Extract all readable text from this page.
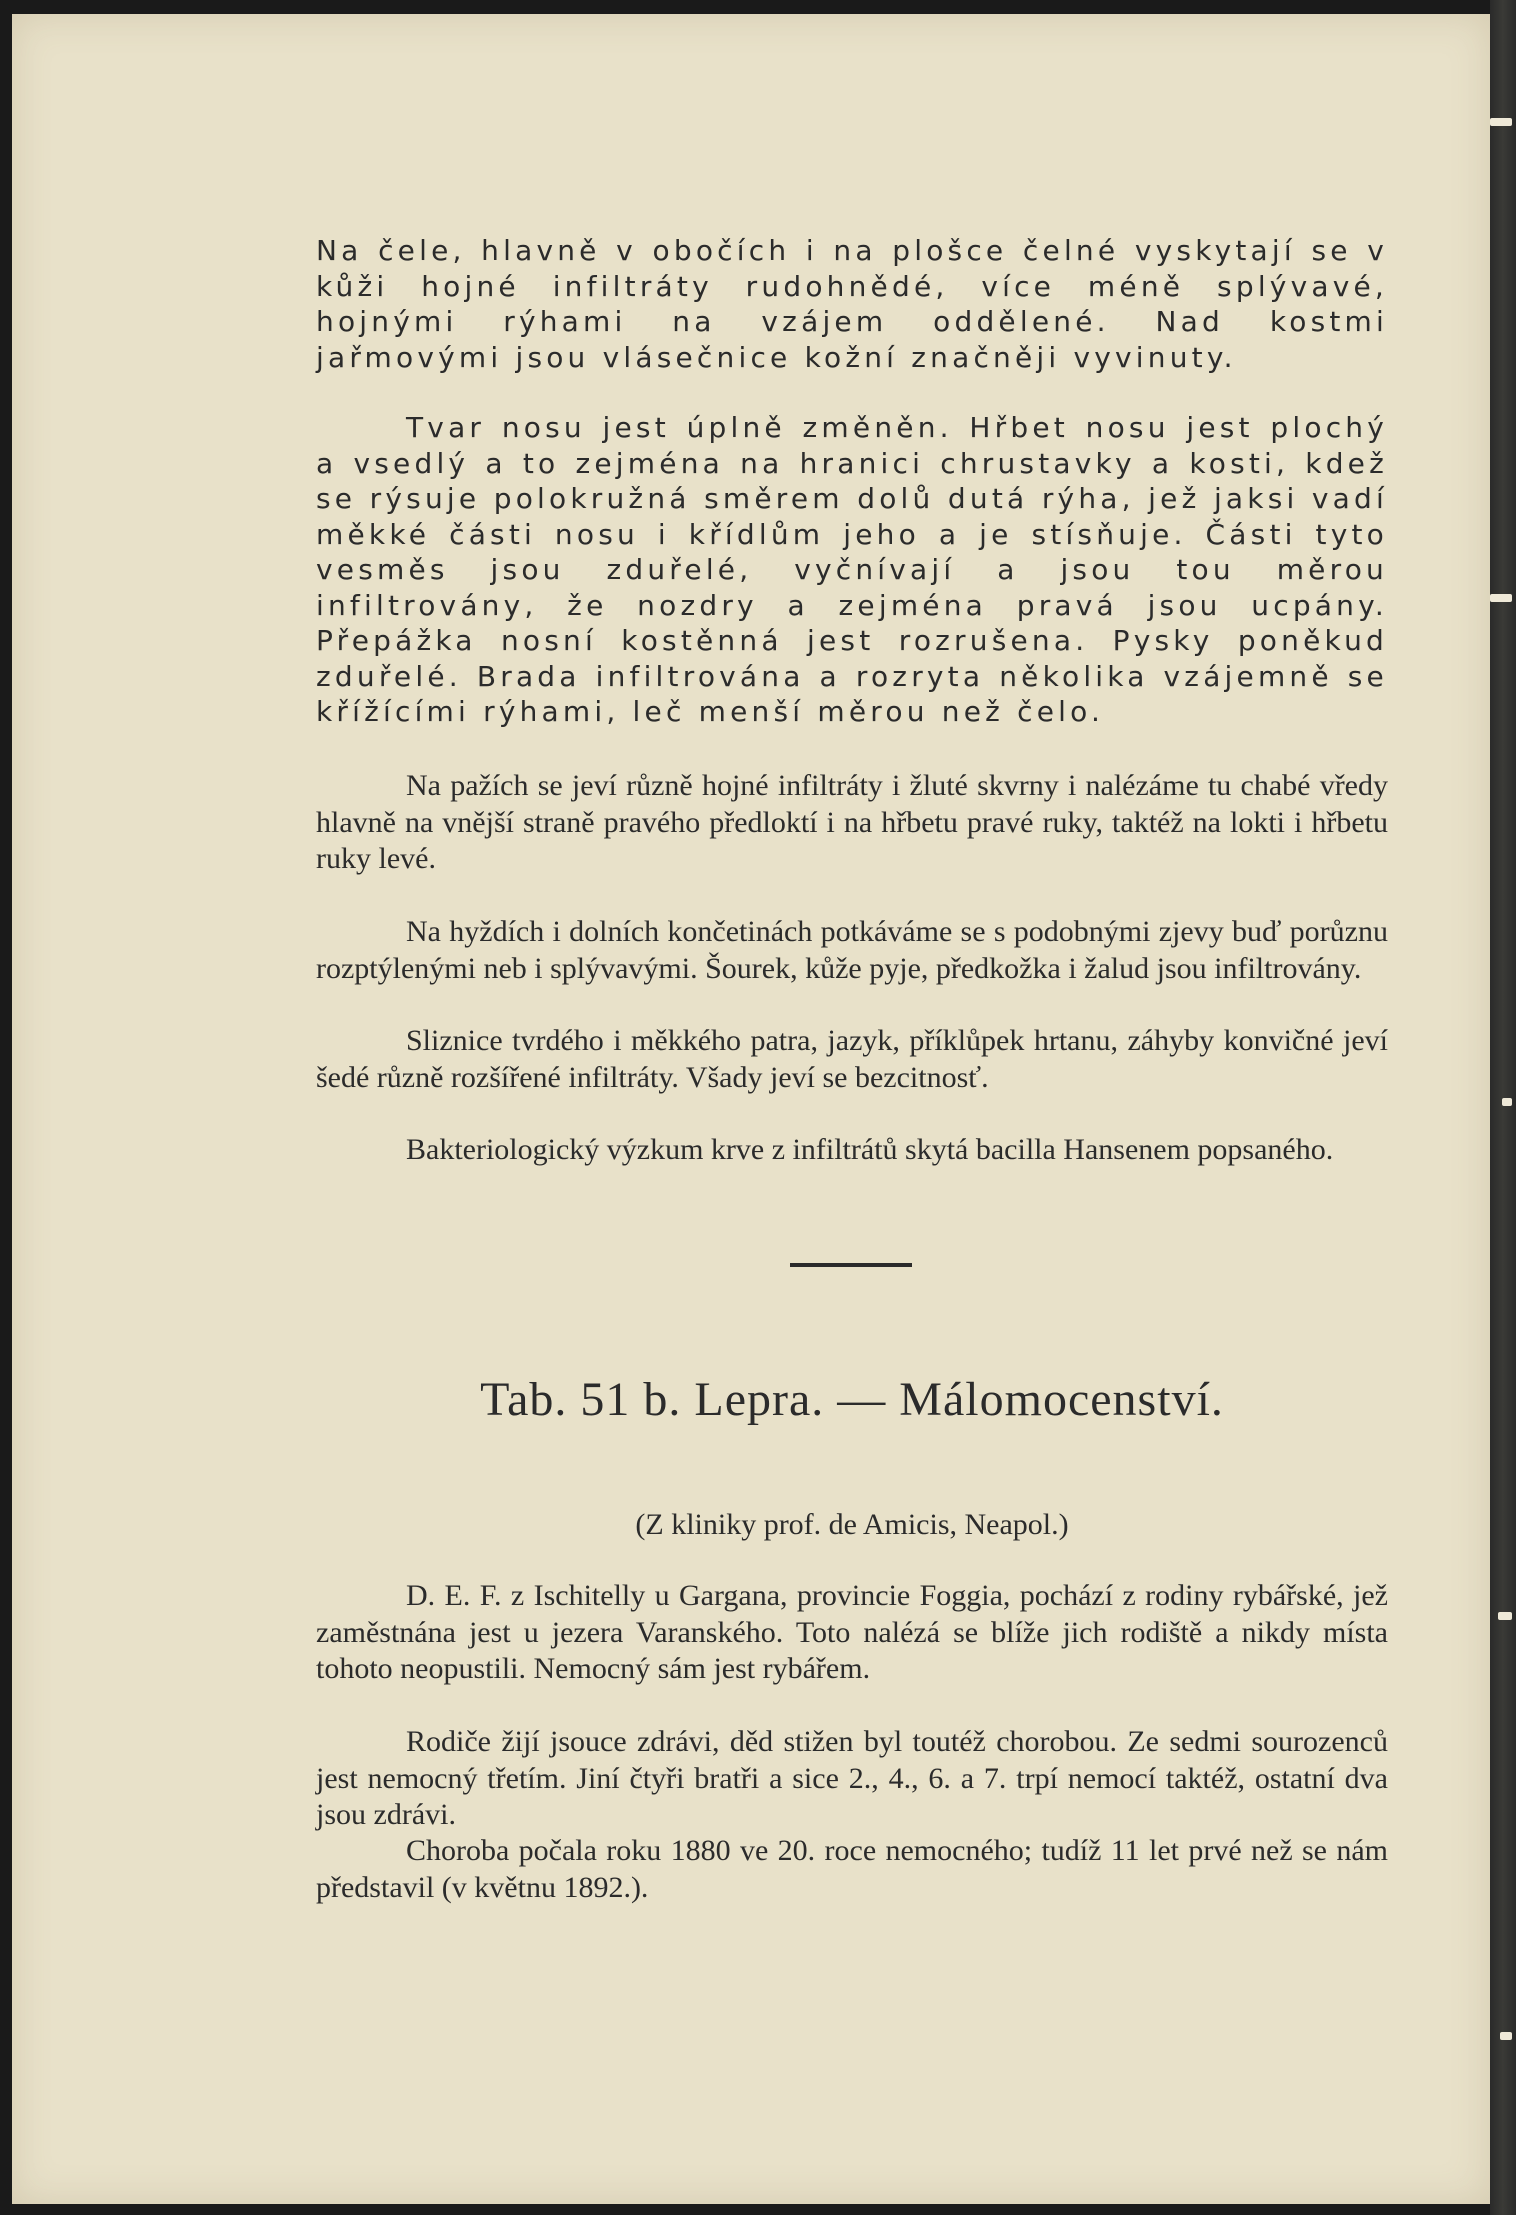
Na čele, hlavně v obočích i na plošce čelné vyskytají se v kůži hojné infiltráty rudohnědé, více méně splývavé, hojnými rýhami na vzájem oddělené. Nad kostmi jařmovými jsou vlásečnice kožní značněji vyvinuty.

Tvar nosu jest úplně změněn. Hřbet nosu jest plochý a vsedlý a to zejména na hranici chrustavky a kosti, kdež se rýsuje polokružná směrem dolů dutá rýha, jež jaksi vadí měkké části nosu i křídlům jeho a je stísňuje. Části tyto vesměs jsou zduřelé, vyčnívají a jsou tou měrou infiltrovány, že nozdry a zejména pravá jsou ucpány. Přepážka nosní kostěnná jest rozrušena. Pysky poněkud zduřelé. Brada infiltrována a rozryta několika vzájemně se křížícími rýhami, leč menší měrou než čelo.

Na pažích se jeví různě hojné infiltráty i žluté skvrny i nalézáme tu chabé vředy hlavně na vnější straně pravého předloktí i na hřbetu pravé ruky, taktéž na lokti i hřbetu ruky levé.

Na hyždích i dolních končetinách potkáváme se s podobnými zjevy buď porůznu rozptýlenými neb i splývavými. Šourek, kůže pyje, předkožka i žalud jsou infiltrovány.

Sliznice tvrdého i měkkého patra, jazyk, příklůpek hrtanu, záhyby konvičné jeví šedé různě rozšířené infiltráty. Všady jeví se bezcitnosť.

Bakteriologický výzkum krve z infiltrátů skytá bacilla Hansenem popsaného.

Tab. 51 b. Lepra. — Málomocenství.

(Z kliniky prof. de Amicis, Neapol.)

D. E. F. z Ischitelly u Gargana, provincie Foggia, pochází z rodiny rybářské, jež zaměstnána jest u jezera Varanského. Toto nalézá se blíže jich rodiště a nikdy místa tohoto neopustili. Nemocný sám jest rybářem.

Rodiče žijí jsouce zdrávi, děd stižen byl toutéž chorobou. Ze sedmi sourozenců jest nemocný třetím. Jiní čtyři bratři a sice 2., 4., 6. a 7. trpí nemocí taktéž, ostatní dva jsou zdrávi.

Choroba počala roku 1880 ve 20. roce nemocného; tudíž 11 let prvé než se nám představil (v květnu 1892.).
